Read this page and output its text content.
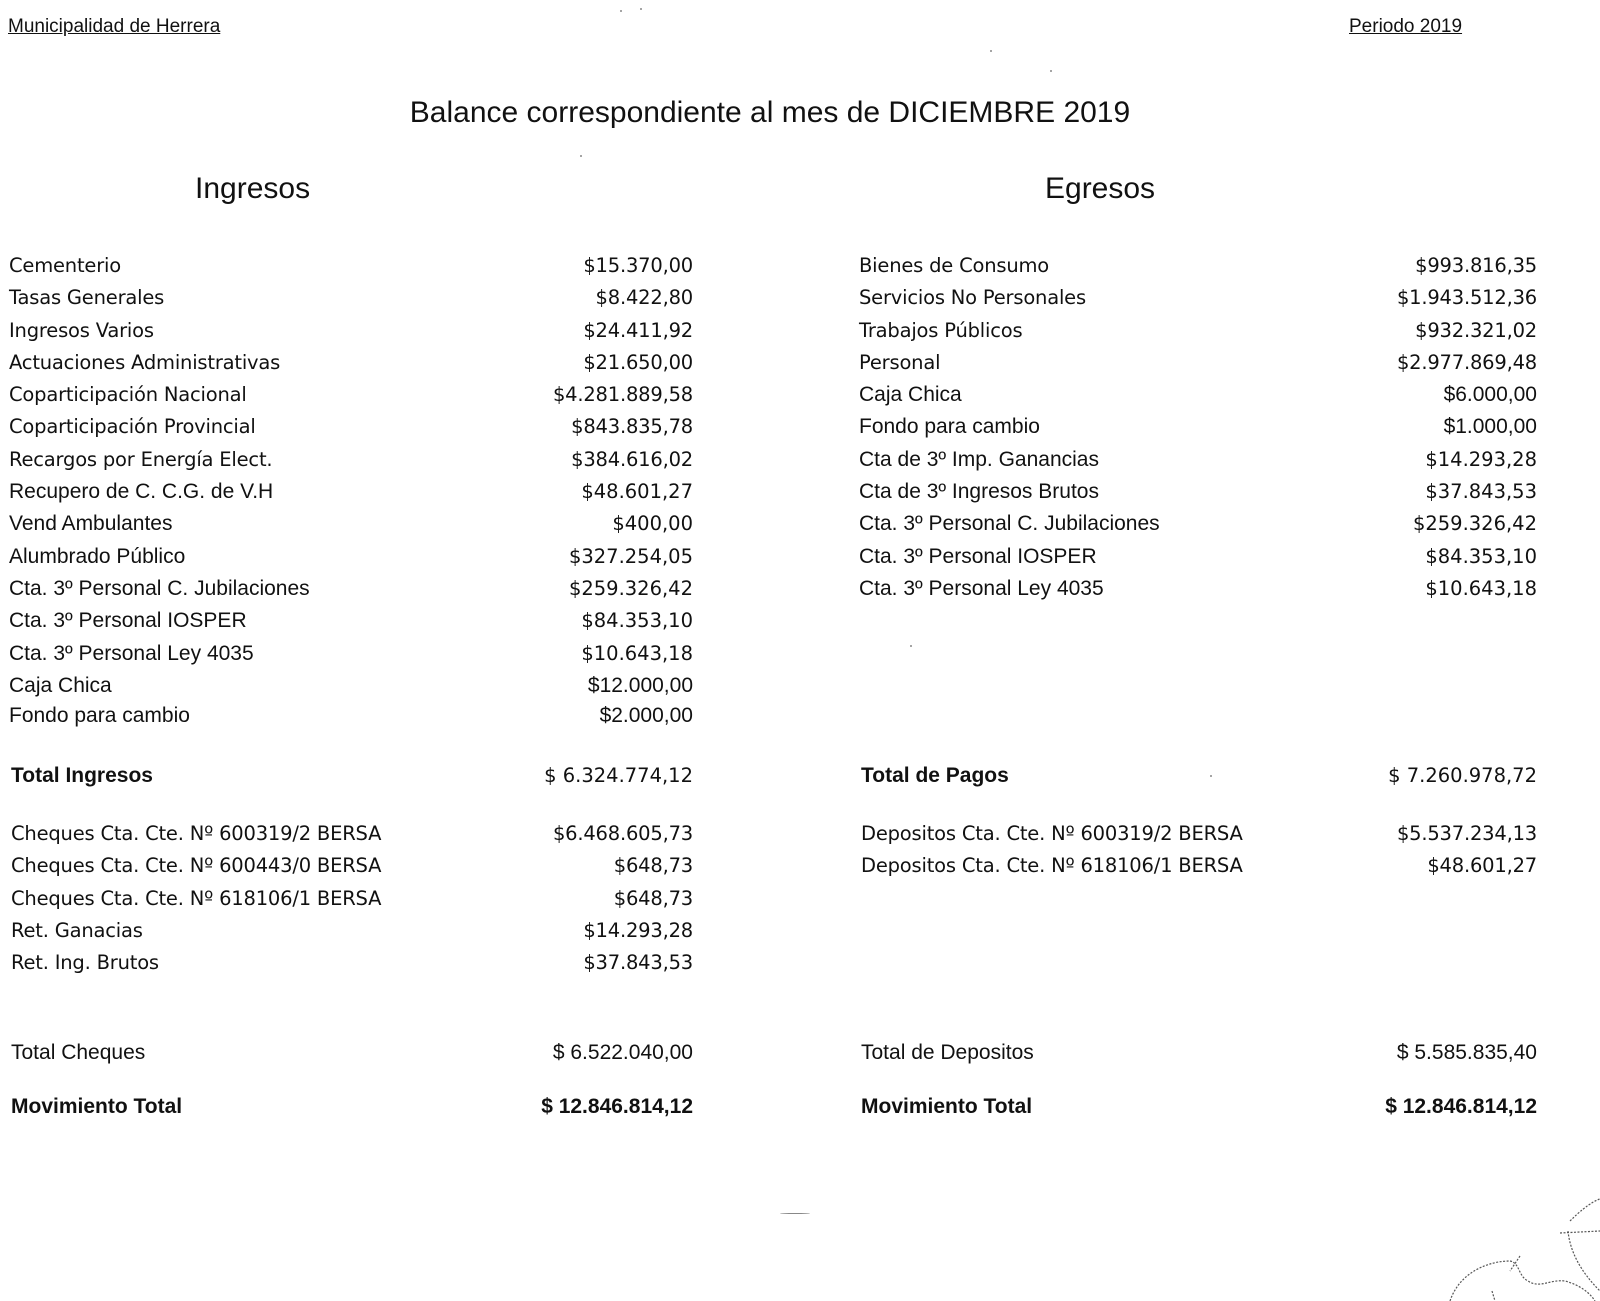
Municipalidad de Herrera	Periodo 2019
Balance correspondiente al mes de DICIEMBRE 2019
Ingresos	Egresos
Cementerio	$15.370,00
Tasas Generales	$8.422,80
Ingresos Varios	$24.411,92
Actuaciones Administrativas	$21.650,00
Coparticipación Nacional	$4.281.889,58
Coparticipación Provincial	$843.835,78
Recargos por Energía Elect.	$384.616,02
Recupero de C. C.G. de V.H	$48.601,27
Vend Ambulantes	$400,00
Alumbrado Público	$327.254,05
Cta. 3º Personal C. Jubilaciones	$259.326,42
Cta. 3º Personal IOSPER	$84.353,10
Cta. 3º Personal Ley 4035	$10.643,18
Caja Chica	$12.000,00
Fondo para cambio	$2.000,00
Total Ingresos	$ 6.324.774,12
Cheques Cta. Cte. Nº 600319/2 BERSA	$6.468.605,73
Cheques Cta. Cte. Nº 600443/0 BERSA	$648,73
Cheques Cta. Cte. Nº 618106/1 BERSA	$648,73
Ret. Ganacias	$14.293,28
Ret. Ing. Brutos	$37.843,53
Total Cheques	$ 6.522.040,00
Movimiento Total	$ 12.846.814,12
Bienes de Consumo	$993.816,35
Servicios No Personales	$1.943.512,36
Trabajos Públicos	$932.321,02
Personal	$2.977.869,48
Caja Chica	$6.000,00
Fondo para cambio	$1.000,00
Cta de 3º Imp. Ganancias	$14.293,28
Cta de 3º Ingresos Brutos	$37.843,53
Cta. 3º Personal C. Jubilaciones	$259.326,42
Cta. 3º Personal IOSPER	$84.353,10
Cta. 3º Personal Ley 4035	$10.643,18
Total de Pagos	$ 7.260.978,72
Depositos Cta. Cte. Nº 600319/2 BERSA	$5.537.234,13
Depositos Cta. Cte. Nº 618106/1 BERSA	$48.601,27
Total de Depositos	$ 5.585.835,40
Movimiento Total	$ 12.846.814,12
